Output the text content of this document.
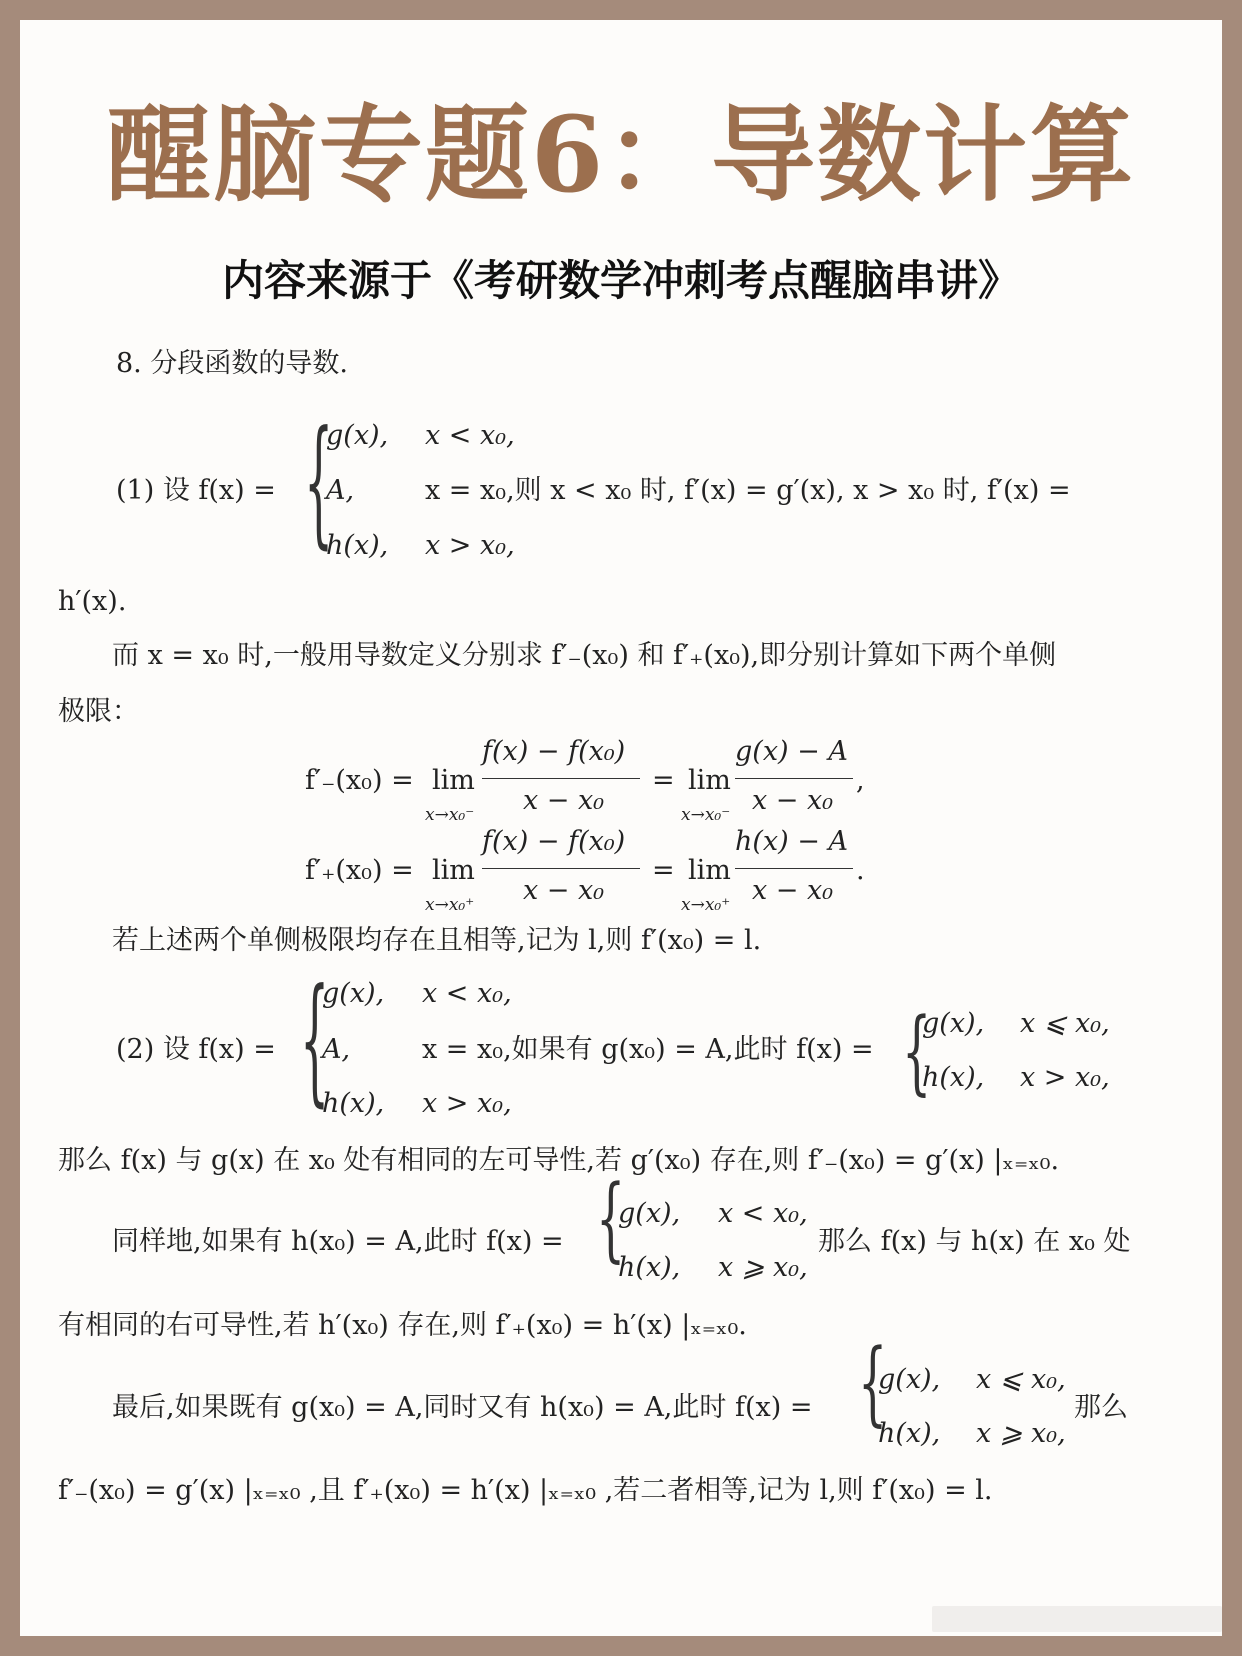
醒脑专题6：导数计算
内容来源于《考研数学冲刺考点醒脑串讲》
8. 分段函数的导数.
(1) 设 f(x) = {
g(x), x < x₀,
A,	x = x₀,则 x < x₀ 时, f′(x) = g′(x), x > x₀ 时, f′(x) =
h(x), x > x₀,
h′(x).
而 x = x₀ 时,一般用导数定义分别求 f′₋(x₀) 和 f′₊(x₀),即分别计算如下两个单侧
极限：
f′₋(x₀) = lim
x→x₀⁻
f(x) − f(x₀)
x − x₀
= lim
x→x₀⁻
g(x) − A
x − x₀
,
f′₊(x₀) = lim
x→x₀⁺
f(x) − f(x₀)
x − x₀
= lim
x→x₀⁺
h(x) − A
x − x₀
.
若上述两个单侧极限均存在且相等,记为 l,则 f′(x₀) = l.
(2) 设 f(x) = {
g(x), x < x₀,
A,	x = x₀,如果有 g(x₀) = A,此时 f(x) =
h(x), x > x₀,	{
g(x), x ⩽ x₀,
h(x), x > x₀,
那么 f(x) 与 g(x) 在 x₀ 处有相同的左可导性,若 g′(x₀) 存在,则 f′₋(x₀) = g′(x) |ₓ₌ₓ₀.
同样地,如果有 h(x₀) = A,此时 f(x) = {
g(x), x < x₀,
h(x), x ⩾ x₀,
那么 f(x) 与 h(x) 在 x₀ 处
有相同的右可导性,若 h′(x₀) 存在,则 f′₊(x₀) = h′(x) |ₓ₌ₓ₀.
最后,如果既有 g(x₀) = A,同时又有 h(x₀) = A,此时 f(x) = {
g(x), x ⩽ x₀,
h(x), x ⩾ x₀,
那么
f′₋(x₀) = g′(x) |ₓ₌ₓ₀ ,且 f′₊(x₀) = h′(x) |ₓ₌ₓ₀ ,若二者相等,记为 l,则 f′(x₀) = l.
